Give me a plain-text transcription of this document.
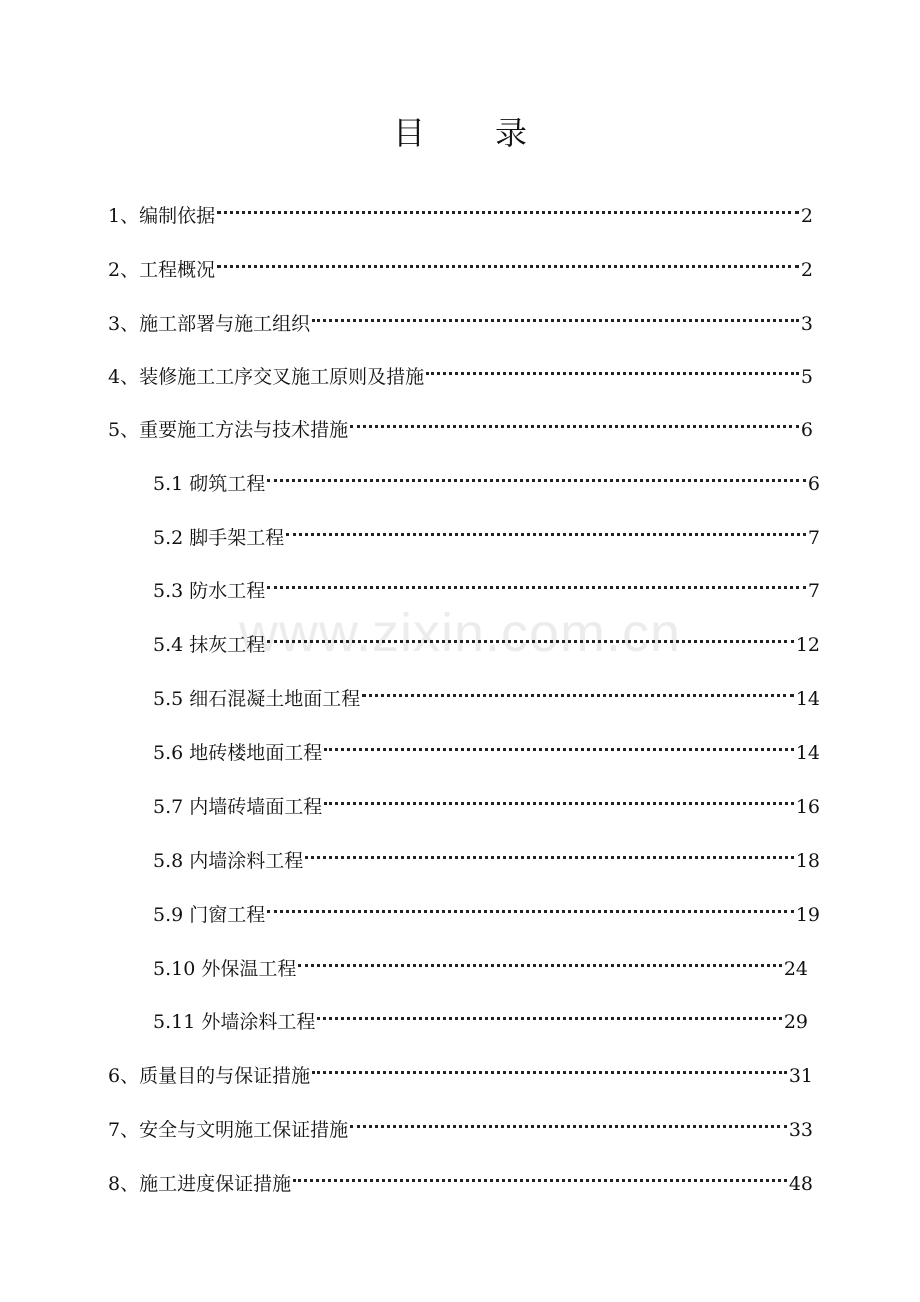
目 录
www.zixin.com.cn
1、编制依据	2
2、工程概况	2
3、施工部署与施工组织	3
4、装修施工工序交叉施工原则及措施	5
5、重要施工方法与技术措施	6
5.1 砌筑工程	6
5.2 脚手架工程	7
5.3 防水工程	7
5.4 抹灰工程	12
5.5 细石混凝土地面工程	14
5.6 地砖楼地面工程	14
5.7 内墙砖墙面工程	16
5.8 内墙涂料工程	18
5.9 门窗工程	19
5.10 外保温工程	24
5.11 外墙涂料工程	29
6、质量目的与保证措施	31
7、安全与文明施工保证措施	33
8、施工进度保证措施	48
